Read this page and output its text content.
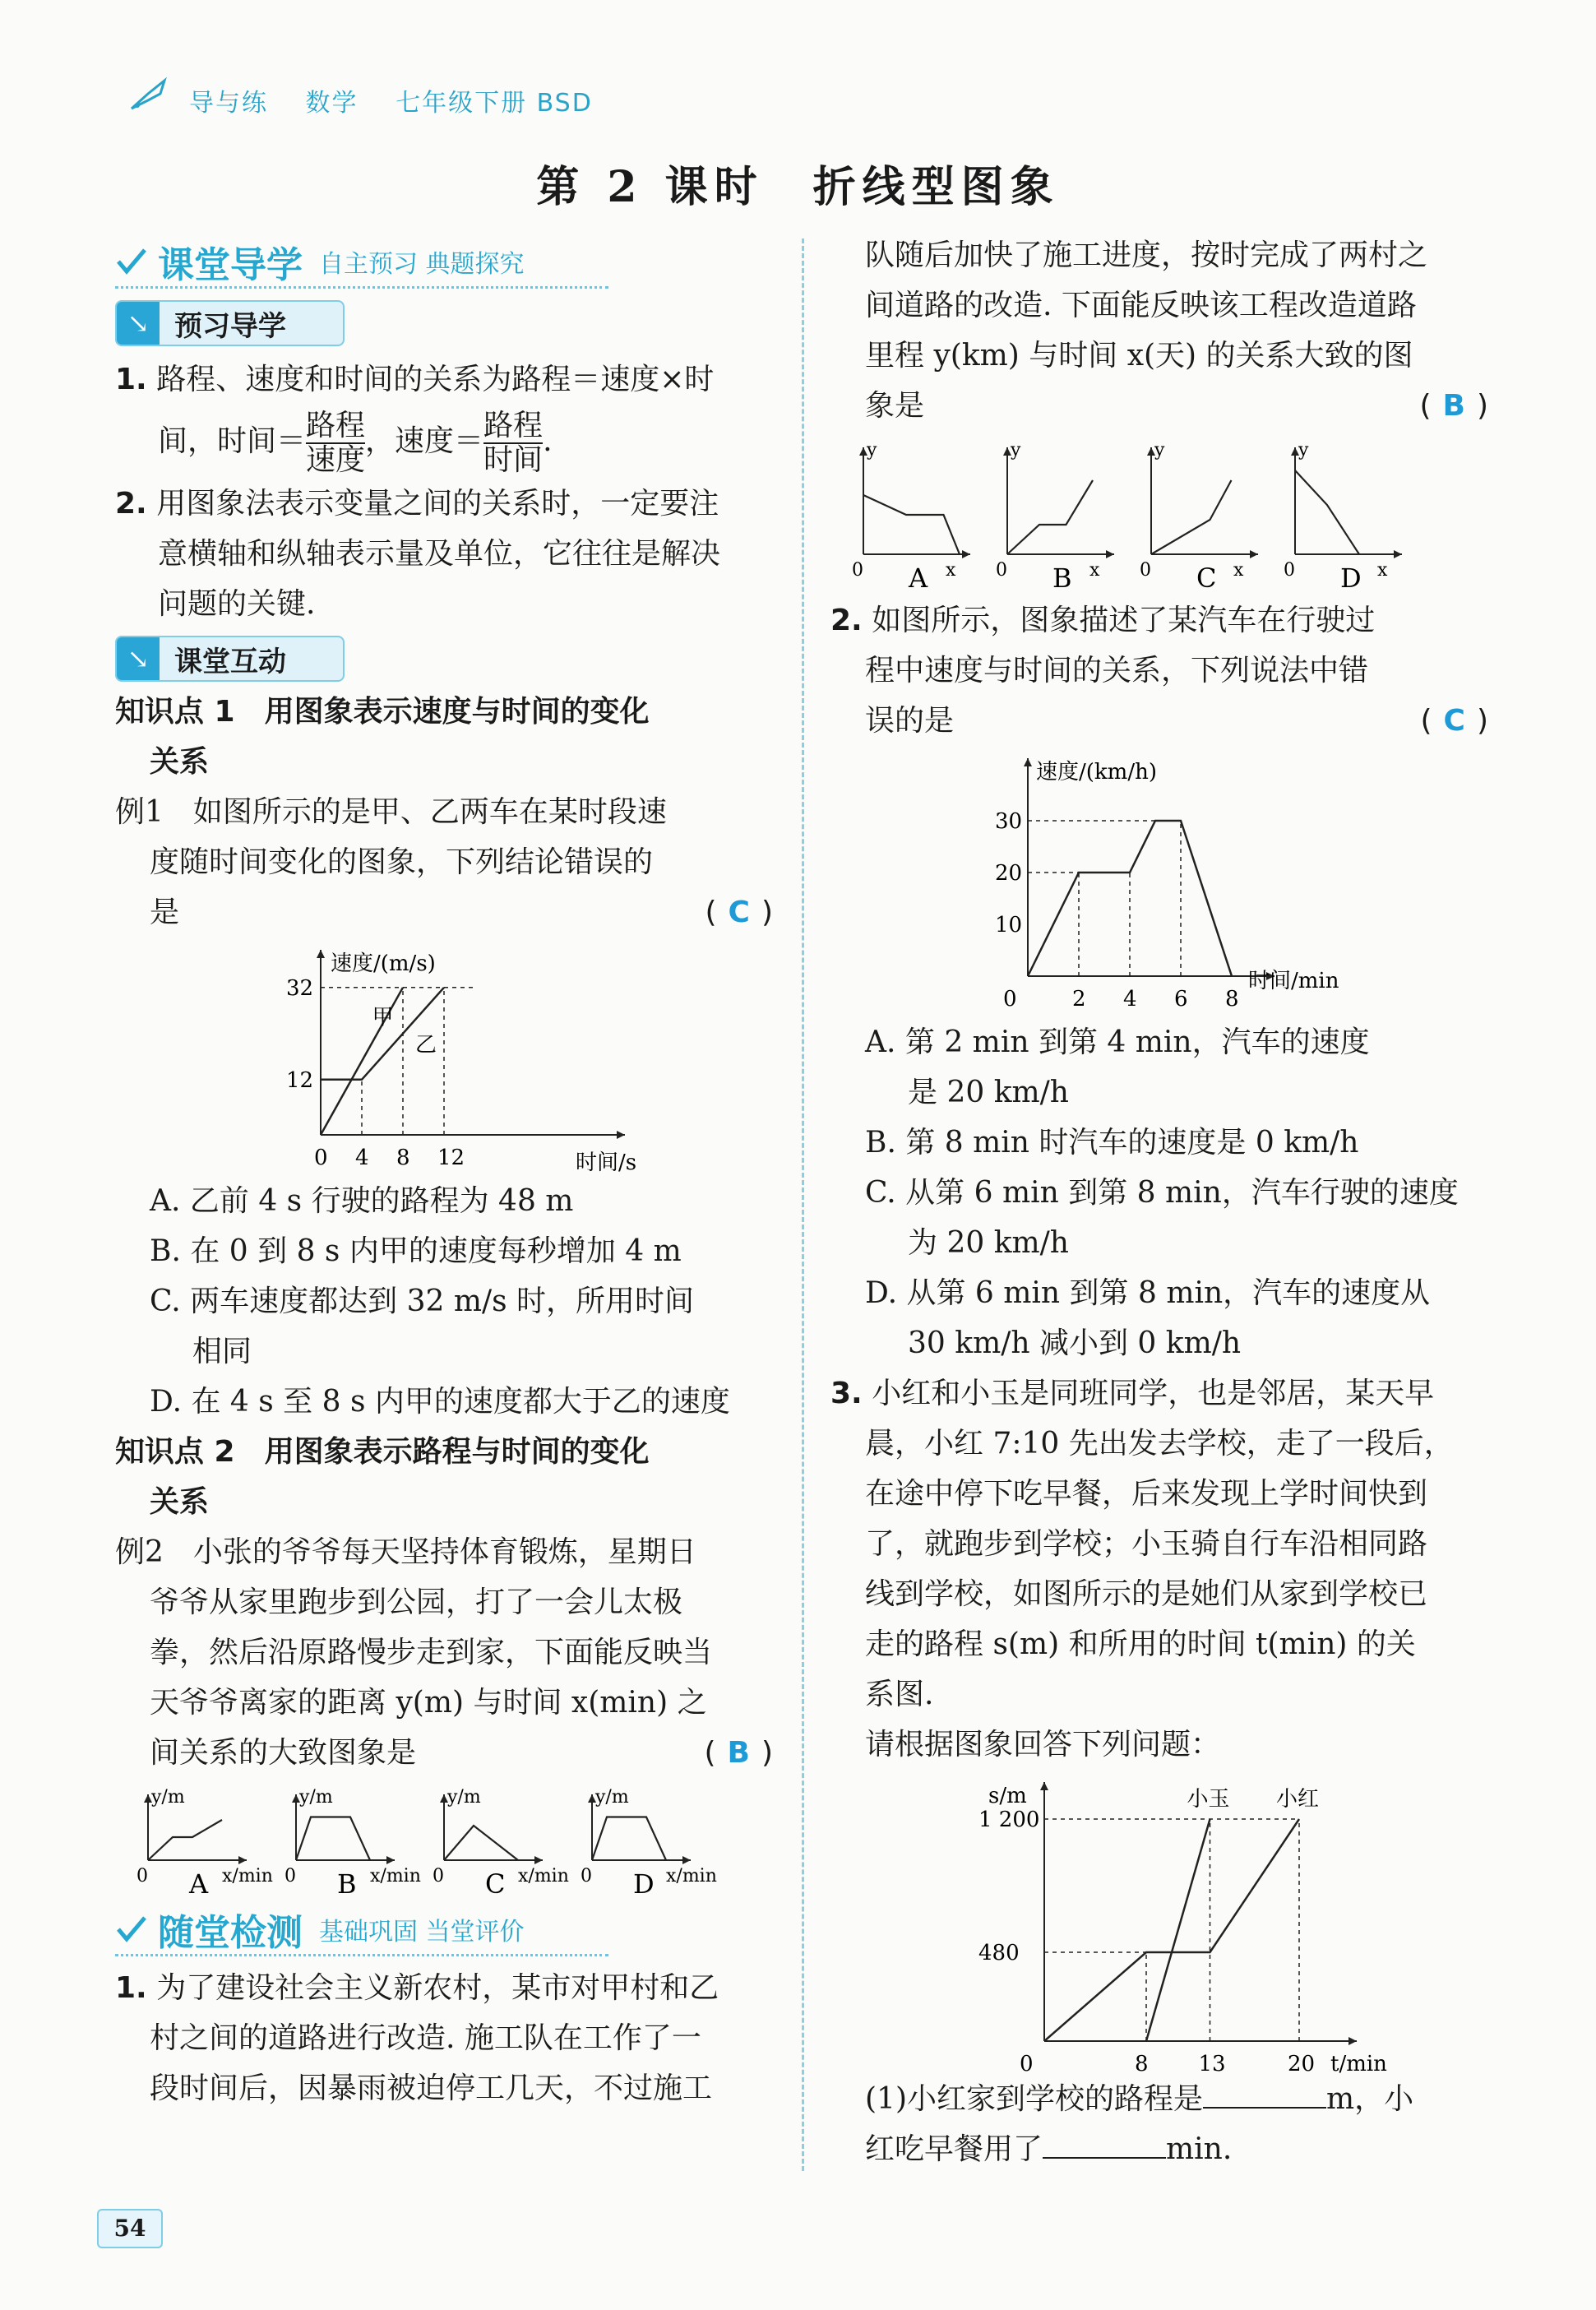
导与练 数学 七年级下册 BSD
第 2 课时　折线型图象
课堂导学 自主预习 典题探究
↘ 预习导学
1. 路程、速度和时间的关系为路程＝速度×时
间，时间＝ $\frac{\text{路程}}{\text{速度}}$ ，速度＝ $\frac{\text{路程}}{\text{时间}}$ .
2. 用图象法表示变量之间的关系时，一定要注
意横轴和纵轴表示量及单位，它往往是解决
问题的关键.
↘ 课堂互动
知识点 1　用图象表示速度与时间的变化
关系
例1　如图所示的是甲、乙两车在某时段速
度随时间变化的图象，下列结论错误的
是	( C )
速度/(m/s)
时间/s
0 4 8 12
12
32
甲
乙
A. 乙前 4 s 行驶的路程为 48 m
B. 在 0 到 8 s 内甲的速度每秒增加 4 m
C. 两车速度都达到 32 m/s 时，所用时间
相同
D. 在 4 s 至 8 s 内甲的速度都大于乙的速度
知识点 2　用图象表示路程与时间的变化
关系
例2　小张的爷爷每天坚持体育锻炼，星期日
爷爷从家里跑步到公园，打了一会儿太极
拳，然后沿原路慢步走到家，下面能反映当
天爷爷离家的距离 y(m) 与时间 x(min) 之
间关系的大致图象是	( B )
y/m
x/min
0 A
y/m
x/min
0 B
y/m
x/min
0 C
y/m
x/min
0 D
随堂检测 基础巩固 当堂评价
1. 为了建设社会主义新农村，某市对甲村和乙
村之间的道路进行改造. 施工队在工作了一
段时间后，因暴雨被迫停工几天，不过施工
队随后加快了施工进度，按时完成了两村之
间道路的改造. 下面能反映该工程改造道路
里程 y(km) 与时间 x(天) 的关系大致的图
象是	( B )
y
x
0 A
y
x
0 B
y
x
0 C
y
x
0 D
2. 如图所示，图象描述了某汽车在行驶过
程中速度与时间的关系，下列说法中错
误的是	( C )
速度/(km/h)
时间/min
0	2 4 6 8
10
20
30
A. 第 2 min 到第 4 min，汽车的速度
是 20 km/h
B. 第 8 min 时汽车的速度是 0 km/h
C. 从第 6 min 到第 8 min，汽车行驶的速度
为 20 km/h
D. 从第 6 min 到第 8 min，汽车的速度从
30 km/h 减小到 0 km/h
3. 小红和小玉是同班同学，也是邻居，某天早
晨，小红 7:10 先出发去学校，走了一段后，
在途中停下吃早餐，后来发现上学时间快到
了，就跑步到学校；小玉骑自行车沿相同路
线到学校，如图所示的是她们从家到学校已
走的路程 s(m) 和所用的时间 t(min) 的关
系图.
请根据图象回答下列问题：
s/m
t/min
0	8 13	20
480
1 200
小玉 小红
(1)小红家到学校的路程是	m，小
红吃早餐用了	min.
54
